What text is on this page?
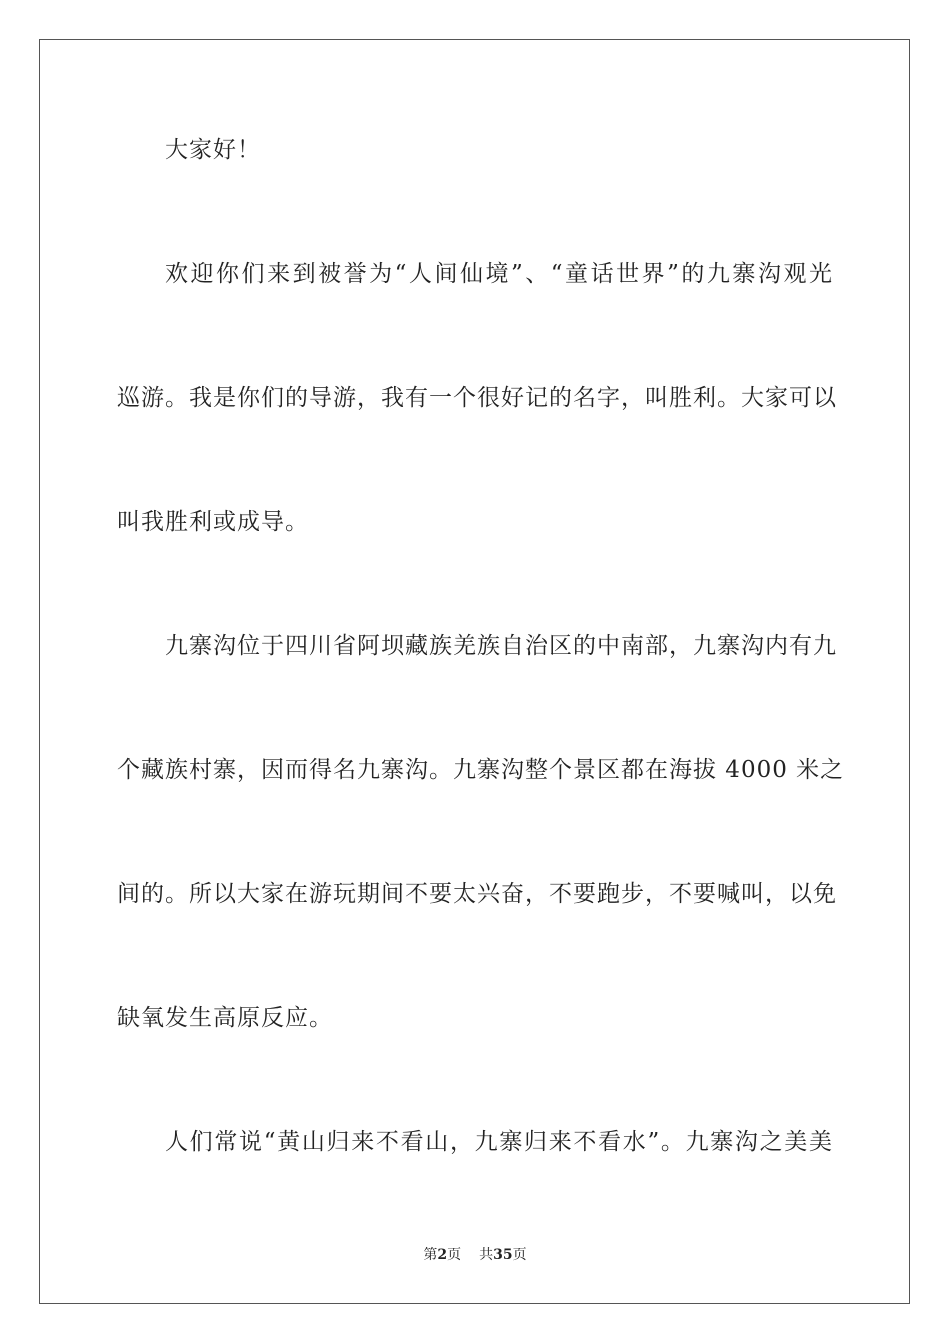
大家好！
欢迎你们来到被誉为“人间仙境”、“童话世界”的九寨沟观光
巡游。我是你们的导游，我有一个很好记的名字，叫胜利。大家可以
叫我胜利或成导。
九寨沟位于四川省阿坝藏族羌族自治区的中南部，九寨沟内有九
个藏族村寨，因而得名九寨沟。九寨沟整个景区都在海拔 4000 米之
间的。所以大家在游玩期间不要太兴奋，不要跑步，不要喊叫，以免
缺氧发生高原反应。
人们常说“黄山归来不看山，九寨归来不看水”。九寨沟之美美
第2页 共35页
